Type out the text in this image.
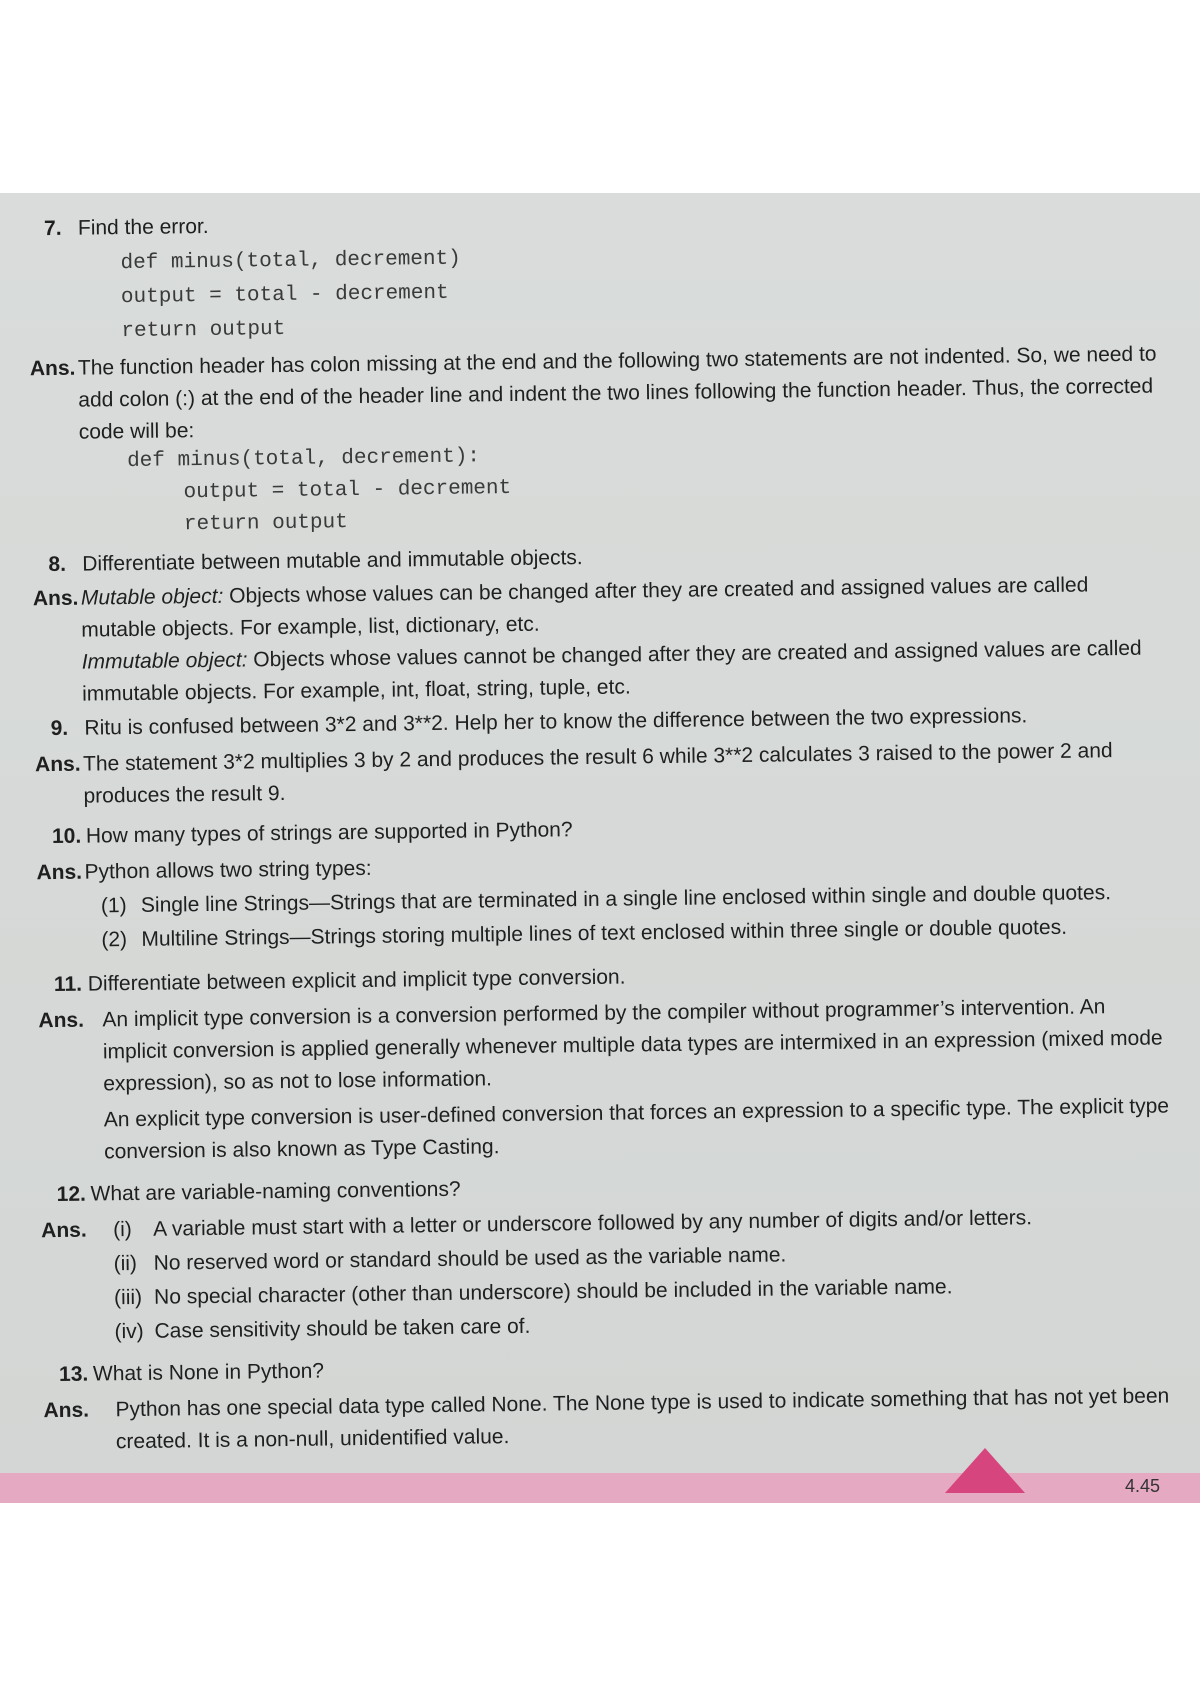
7. Find the error.
def minus(total, decrement)
output = total - decrement
return output
Ans. The function header has colon missing at the end and the following two statements are not indented. So, we need to add colon (:) at the end of the header line and indent the two lines following the function header. Thus, the corrected code will be:
def minus(total, decrement):
output = total - decrement
return output
8. Differentiate between mutable and immutable objects.
Ans. Mutable object: Objects whose values can be changed after they are created and assigned values are called mutable objects. For example, list, dictionary, etc.
Immutable object: Objects whose values cannot be changed after they are created and assigned values are called immutable objects. For example, int, float, string, tuple, etc.
9. Ritu is confused between 3*2 and 3**2. Help her to know the difference between the two expressions.
Ans. The statement 3*2 multiplies 3 by 2 and produces the result 6 while 3**2 calculates 3 raised to the power 2 and produces the result 9.
10. How many types of strings are supported in Python?
Ans. Python allows two string types:
(1) Single line Strings—Strings that are terminated in a single line enclosed within single and double quotes.
(2) Multiline Strings—Strings storing multiple lines of text enclosed within three single or double quotes.
11. Differentiate between explicit and implicit type conversion.
Ans. An implicit type conversion is a conversion performed by the compiler without programmer’s intervention. An implicit conversion is applied generally whenever multiple data types are intermixed in an expression (mixed mode expression), so as not to lose information.
An explicit type conversion is user-defined conversion that forces an expression to a specific type. The explicit type conversion is also known as Type Casting.
12. What are variable-naming conventions?
Ans. (i) A variable must start with a letter or underscore followed by any number of digits and/or letters.
(ii) No reserved word or standard should be used as the variable name.
(iii) No special character (other than underscore) should be included in the variable name.
(iv) Case sensitivity should be taken care of.
13. What is None in Python?
Ans. Python has one special data type called None. The None type is used to indicate something that has not yet been created. It is a non-null, unidentified value.
4.45
